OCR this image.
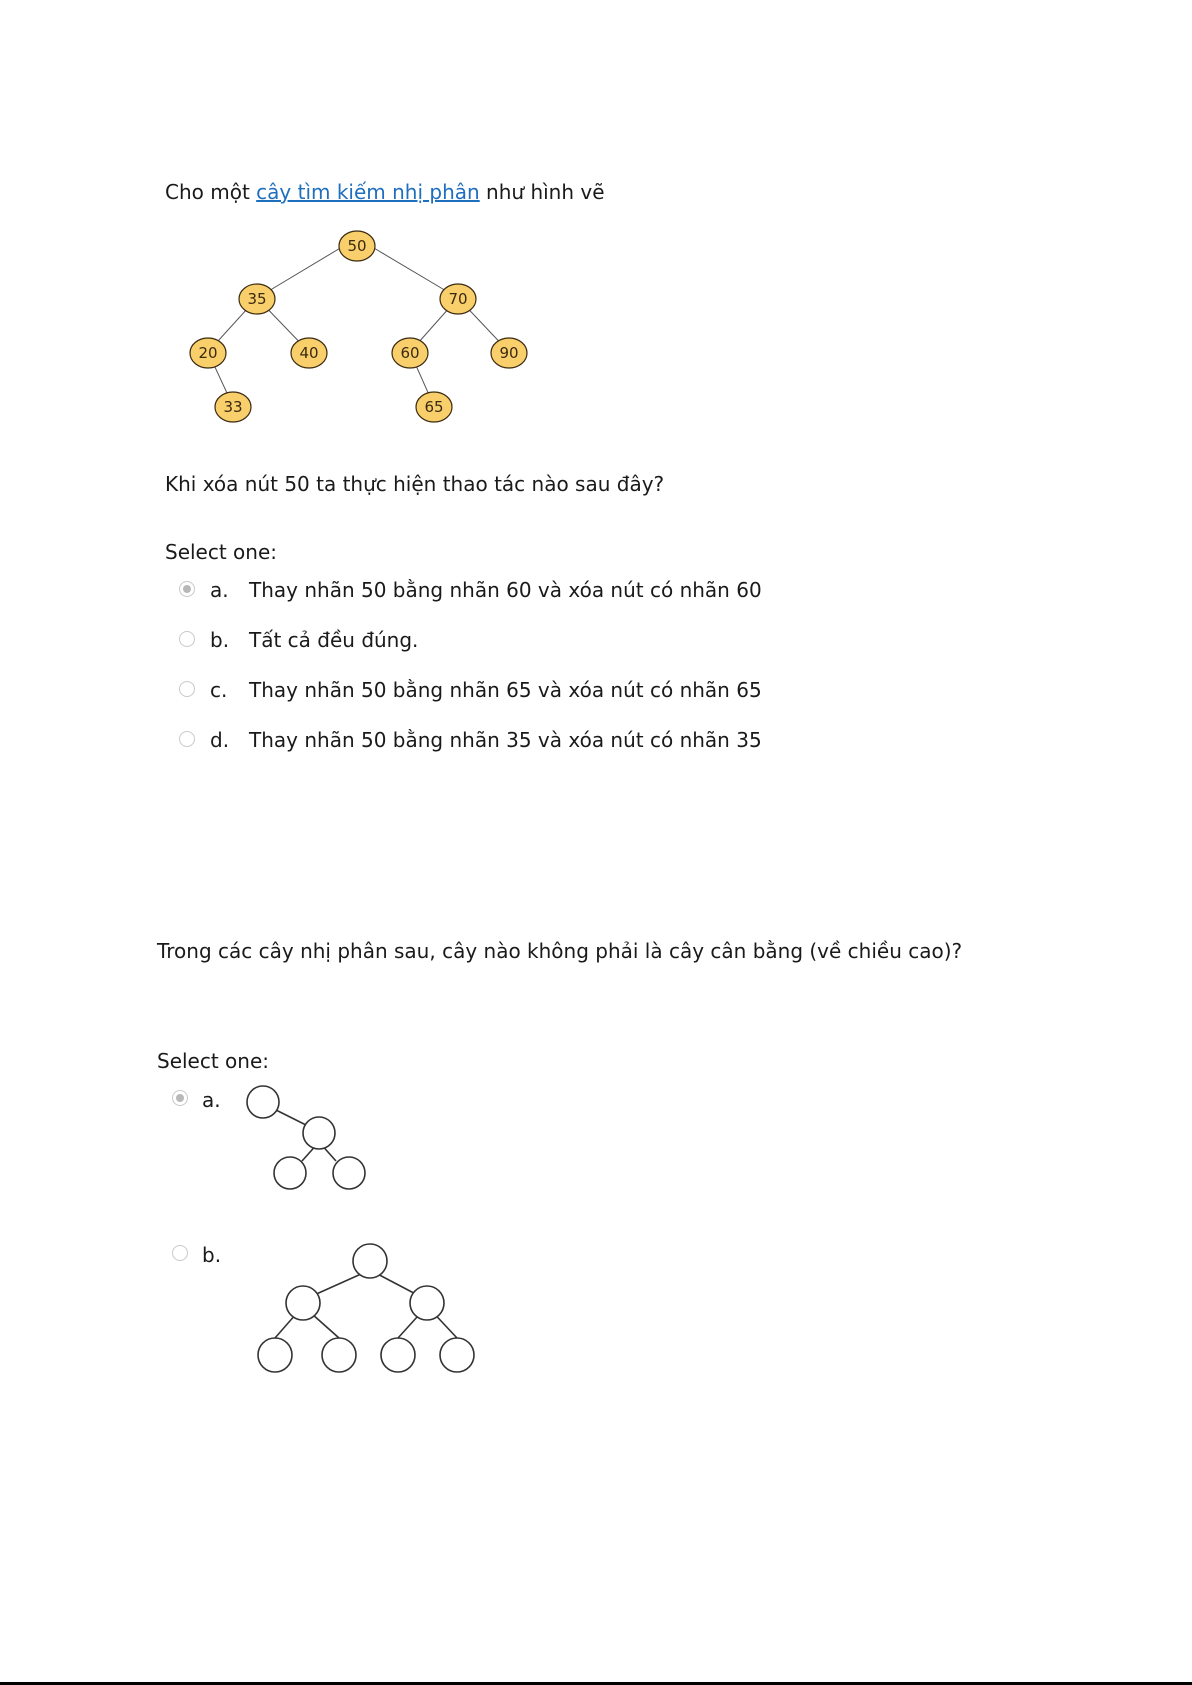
Cho một cây tìm kiếm nhị phân như hình vẽ
50
35	70
20	40	60	90
33	65
Khi xóa nút 50 ta thực hiện thao tác nào sau đây?
Select one:
a. Thay nhãn 50 bằng nhãn 60 và xóa nút có nhãn 60
b. Tất cả đều đúng.
c. Thay nhãn 50 bằng nhãn 65 và xóa nút có nhãn 65
d. Thay nhãn 50 bằng nhãn 35 và xóa nút có nhãn 35
Trong các cây nhị phân sau, cây nào không phải là cây cân bằng (về chiều cao)?
Select one:
a.
b.
